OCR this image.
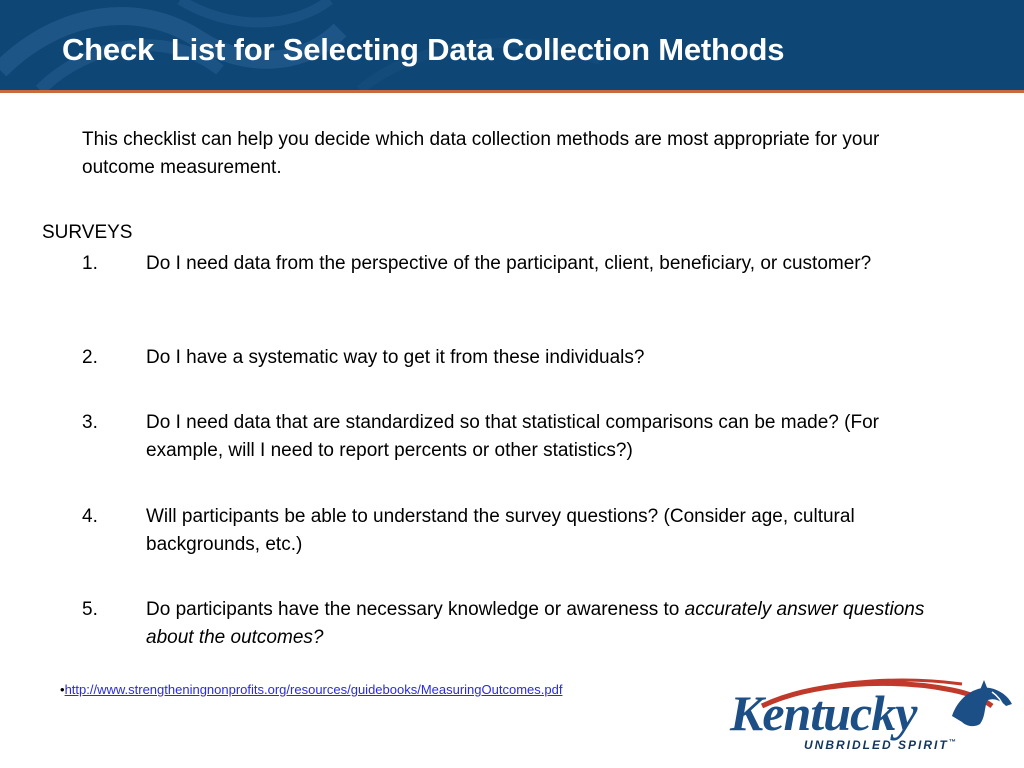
Check  List for Selecting Data Collection Methods

This checklist can help you decide which data collection methods are most appropriate for your outcome measurement.

SURVEYS
1.	Do I need data from the perspective of the participant, client, beneficiary, or customer?
2.	Do I have a systematic way to get it from these individuals?
3.	Do I need data that are standardized so that statistical comparisons can be made? (For example, will I need to report percents or other statistics?)
4.	Will participants be able to understand the survey questions? (Consider age, cultural backgrounds, etc.)
5.	Do participants have the necessary knowledge or awareness to accurately answer questions about the outcomes?
•http://www.strengtheningnonprofits.org/resources/guidebooks/MeasuringOutcomes.pdf	Kentucky
UNBRIDLED SPIRIT™
